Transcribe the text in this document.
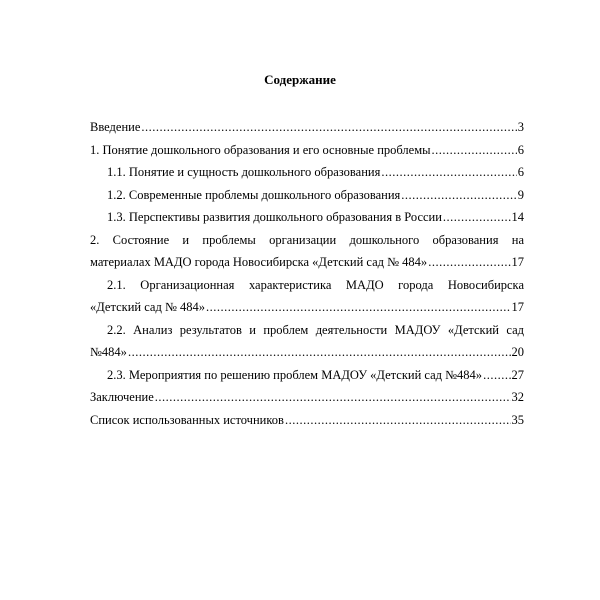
Содержание
Введение .....	3
1. Понятие дошкольного образования и его основные проблемы .....	6
1.1. Понятие и сущность дошкольного образования .....	6
1.2. Современные проблемы дошкольного образования .....	9
1.3. Перспективы развития дошкольного образования в России .....	14
2. Состояние и проблемы организации дошкольного образования на
материалах МАДО города Новосибирска «Детский сад № 484» .....	17
2.1. Организационная характеристика МАДО города Новосибирска
«Детский сад № 484» .....	17
2.2. Анализ результатов и проблем деятельности МАДОУ «Детский сад
№484» .....	20
2.3. Мероприятия по решению проблем МАДОУ «Детский сад №484» ..... 27
Заключение .....	32
Список использованных источников .....	35
